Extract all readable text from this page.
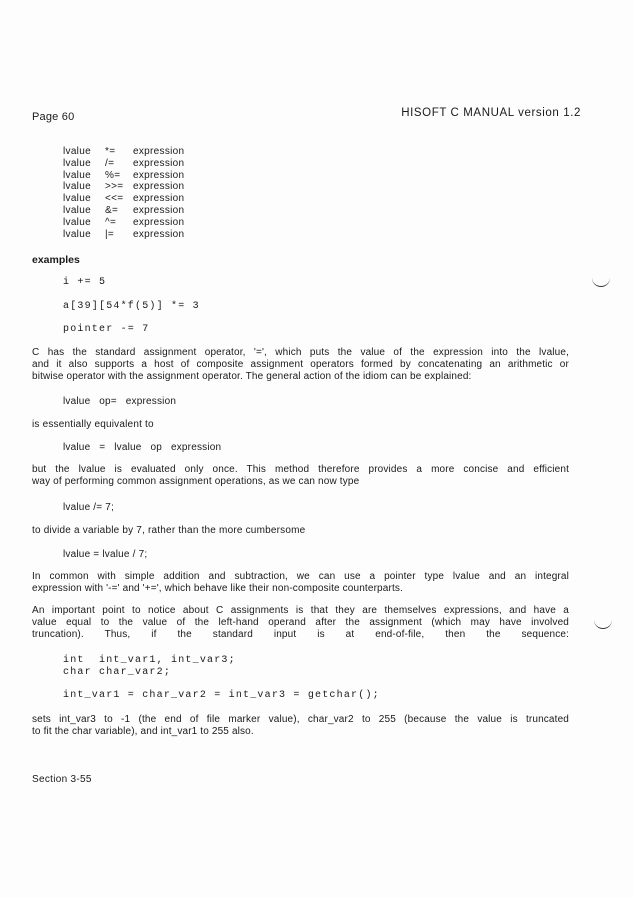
Page 60	HISOFT C MANUAL version 1.2
lvalue *= expression
lvalue /= expression
lvalue %= expression
lvalue >>= expression
lvalue <<= expression
lvalue &= expression
lvalue ^= expression
lvalue |= expression
examples
i += 5
a[39][54*f(5)] *= 3
pointer -= 7

C has the standard assignment operator, '=', which puts the value of the expression into the lvalue,
and it also supports a host of composite assignment operators formed by concatenating an arithmetic or
bitwise operator with the assignment operator. The general action of the idiom can be explained:

lvalue   op=   expression
is essentially equivalent to
lvalue   =   lvalue   op   expression

but the lvalue is evaluated only once. This method therefore provides a more concise and efficient
way of performing common assignment operations, as we can now type

lvalue /= 7;
to divide a variable by 7, rather than the more cumbersome
lvalue = lvalue / 7;

In common with simple addition and subtraction, we can use a pointer type lvalue and an integral
expression with '-=' and '+=', which behave like their non-composite counterparts.

An important point to notice about C assignments is that they are themselves expressions, and have a
value equal to the value of the left-hand operand after the assignment (which may have involved
truncation). Thus, if the standard input is at end-of-file, then the sequence:

int  int_var1, int_var3;
char char_var2;
int_var1 = char_var2 = int_var3 = getchar();

sets int_var3 to -1 (the end of file marker value), char_var2 to 255 (because the value is truncated
to fit the char variable), and int_var1 to 255 also.

Section 3-55
